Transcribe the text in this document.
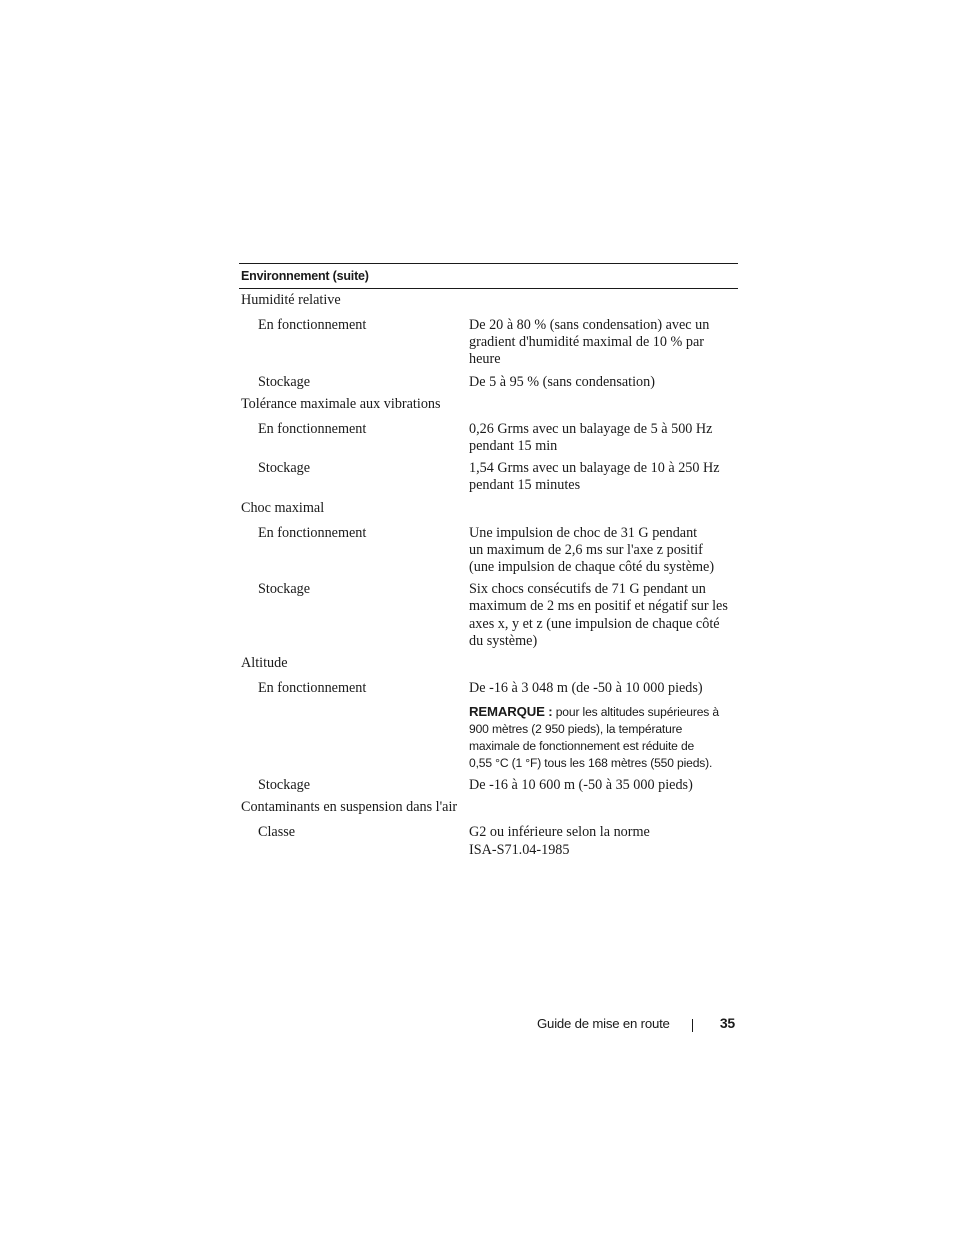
Environnement (suite)
Humidité relative
En fonctionnement	De 20 à 80 % (sans condensation) avec un
gradient d'humidité maximal de 10 % par
heure
Stockage	De 5 à 95 % (sans condensation)
Tolérance maximale aux vibrations
En fonctionnement	0,26 Grms avec un balayage de 5 à 500 Hz
pendant 15 min
Stockage	1,54 Grms avec un balayage de 10 à 250 Hz
pendant 15 minutes
Choc maximal
En fonctionnement	Une impulsion de choc de 31 G pendant
un maximum de 2,6 ms sur l'axe z positif
(une impulsion de chaque côté du système)
Stockage	Six chocs consécutifs de 71 G pendant un
maximum de 2 ms en positif et négatif sur les
axes x, y et z (une impulsion de chaque côté
du système)
Altitude
En fonctionnement	De -16 à 3 048 m (de -50 à 10 000 pieds)
REMARQUE : pour les altitudes supérieures à
900 mètres (2 950 pieds), la température
maximale de fonctionnement est réduite de
0,55 °C (1 °F) tous les 168 mètres (550 pieds).
Stockage	De -16 à 10 600 m (-50 à 35 000 pieds)
Contaminants en suspension dans l'air
Classe	G2 ou inférieure selon la norme
ISA-S71.04-1985
Guide de mise en route	35
